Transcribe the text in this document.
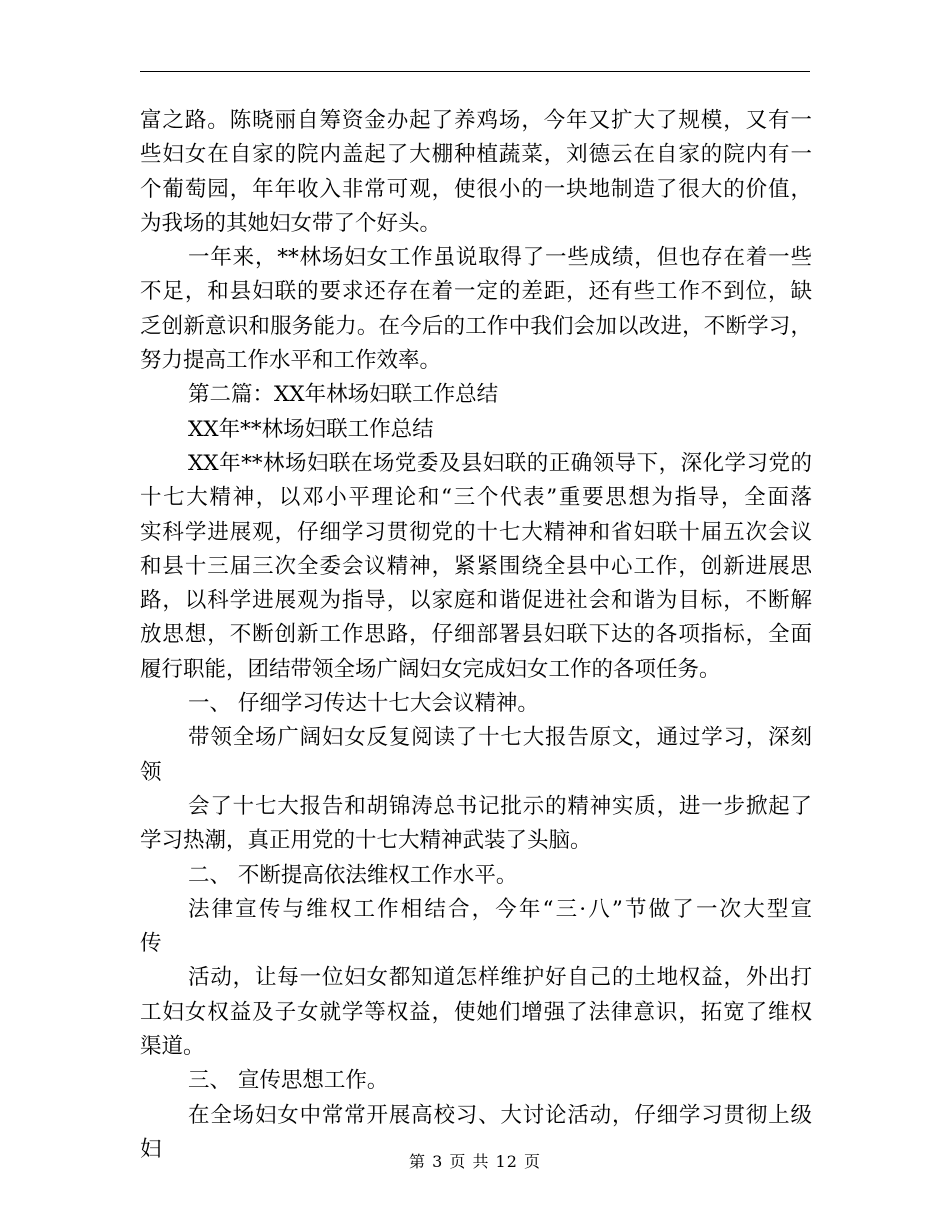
富之路。陈晓丽自筹资金办起了养鸡场，今年又扩大了规模，又有一
些妇女在自家的院内盖起了大棚种植蔬菜，刘德云在自家的院内有一
个葡萄园，年年收入非常可观，使很小的一块地制造了很大的价值，
为我场的其她妇女带了个好头。
一年来，**林场妇女工作虽说取得了一些成绩，但也存在着一些
不足，和县妇联的要求还存在着一定的差距，还有些工作不到位，缺
乏创新意识和服务能力。在今后的工作中我们会加以改进，不断学习，
努力提高工作水平和工作效率。
第二篇：XX年林场妇联工作总结
XX年**林场妇联工作总结
XX年**林场妇联在场党委及县妇联的正确领导下，深化学习党的
十七大精神，以邓小平理论和“三个代表”重要思想为指导，全面落
实科学进展观，仔细学习贯彻党的十七大精神和省妇联十届五次会议
和县十三届三次全委会议精神，紧紧围绕全县中心工作，创新进展思
路，以科学进展观为指导，以家庭和谐促进社会和谐为目标，不断解
放思想，不断创新工作思路，仔细部署县妇联下达的各项指标，全面
履行职能，团结带领全场广阔妇女完成妇女工作的各项任务。
一、 仔细学习传达十七大会议精神。
带领全场广阔妇女反复阅读了十七大报告原文，通过学习，深刻
领
会了十七大报告和胡锦涛总书记批示的精神实质，进一步掀起了
学习热潮，真正用党的十七大精神武装了头脑。
二、 不断提高依法维权工作水平。
法律宣传与维权工作相结合，今年“三·八”节做了一次大型宣
传
活动，让每一位妇女都知道怎样维护好自己的土地权益，外出打
工妇女权益及子女就学等权益，使她们增强了法律意识，拓宽了维权
渠道。
三、 宣传思想工作。
在全场妇女中常常开展高校习、大讨论活动，仔细学习贯彻上级
妇	第 3 页 共 12 页
